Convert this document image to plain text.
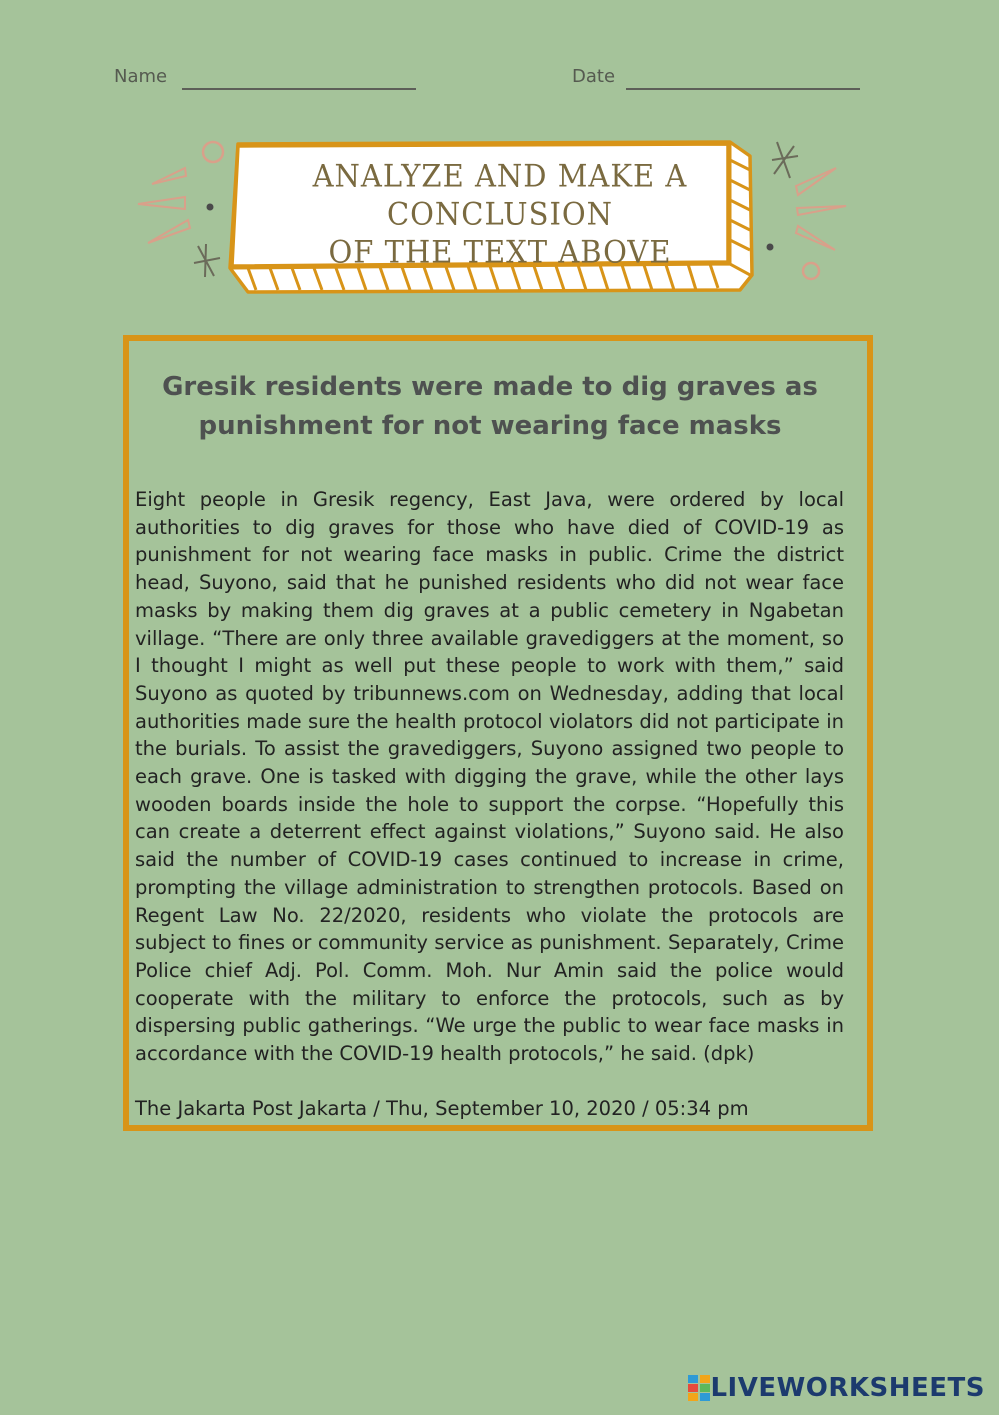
Name	Date
ANALYZE AND MAKE A CONCLUSION
OF THE TEXT ABOVE
Gresik residents were made to dig graves as punishment for not wearing face masks

Eight people in Gresik regency, East Java, were ordered by local authorities to dig graves for those who have died of COVID-19 as punishment for not wearing face masks in public. Crime the district head, Suyono, said that he punished residents who did not wear face masks by making them dig graves at a public cemetery in Ngabetan village. “There are only three available gravediggers at the moment, so I thought I might as well put these people to work with them,” said Suyono as quoted by tribunnews.com on Wednesday, adding that local authorities made sure the health protocol violators did not participate in the burials. To assist the gravediggers, Suyono assigned two people to each grave. One is tasked with digging the grave, while the other lays wooden boards inside the hole to support the corpse. “Hopefully this can create a deterrent effect against violations,” Suyono said. He also said the number of COVID-19 cases continued to increase in crime, prompting the village administration to strengthen protocols. Based on Regent Law No. 22/2020, residents who violate the protocols are subject to fines or community service as punishment. Separately, Crime Police chief Adj. Pol. Comm. Moh. Nur Amin said the police would cooperate with the military to enforce the protocols, such as by dispersing public gatherings. “We urge the public to wear face masks in accordance with the COVID-19 health protocols,” he said. (dpk)

The Jakarta Post Jakarta / Thu, September 10, 2020 / 05:34 pm
LIVEWORKSHEETS
